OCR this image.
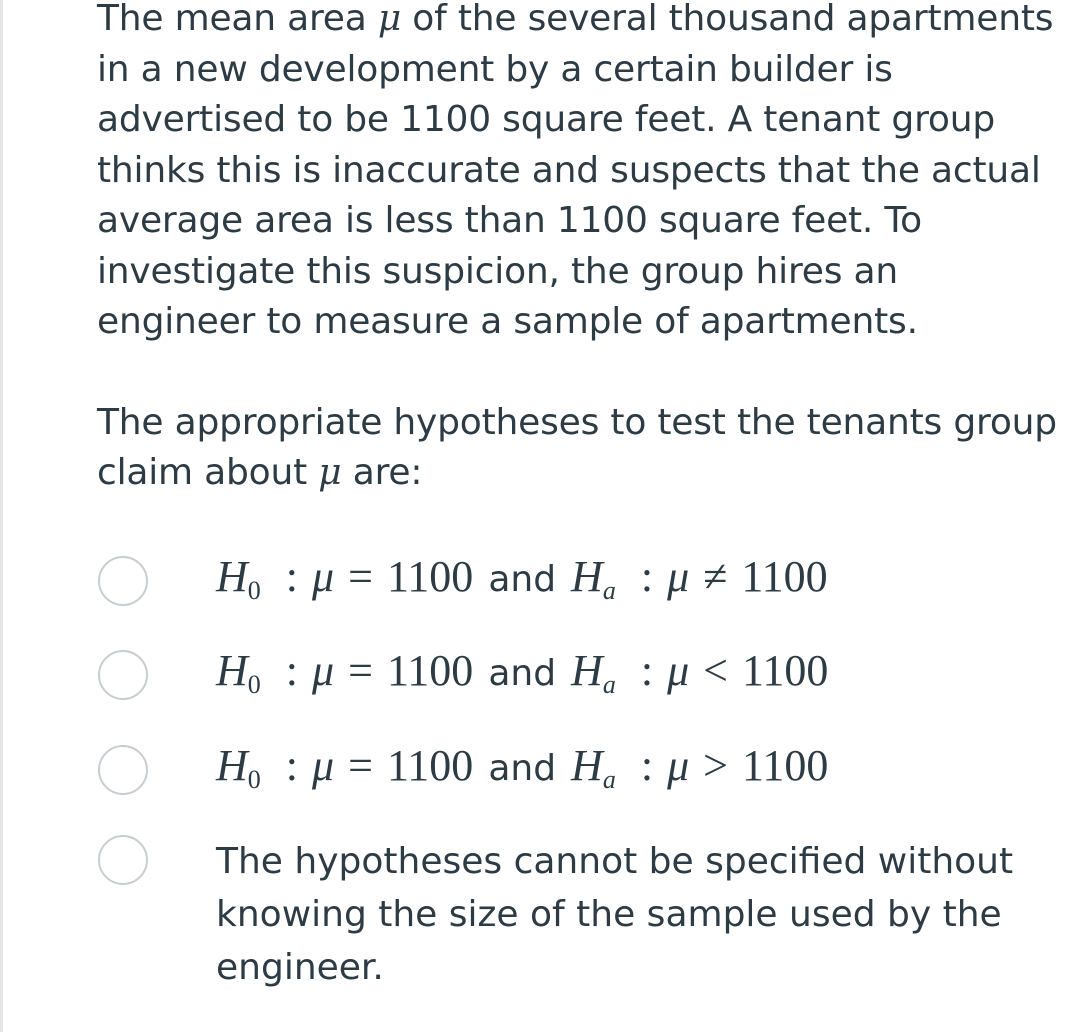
The mean area μ of the several thousand apartments in a new development by a certain builder is advertised to be 1100 square feet. A tenant group thinks this is inaccurate and suspects that the actual average area is less than 1100 square feet. To investigate this suspicion, the group hires an engineer to measure a sample of apartments.

The appropriate hypotheses to test the tenants group claim about μ are:

$H_0$ : μ = 1100 and $H_a$ : μ ≠ 1100
$H_0$ : μ = 1100 and $H_a$ : μ < 1100
$H_0$ : μ = 1100 and $H_a$ : μ > 1100
The hypotheses cannot be specified without knowing the size of the sample used by the engineer.
